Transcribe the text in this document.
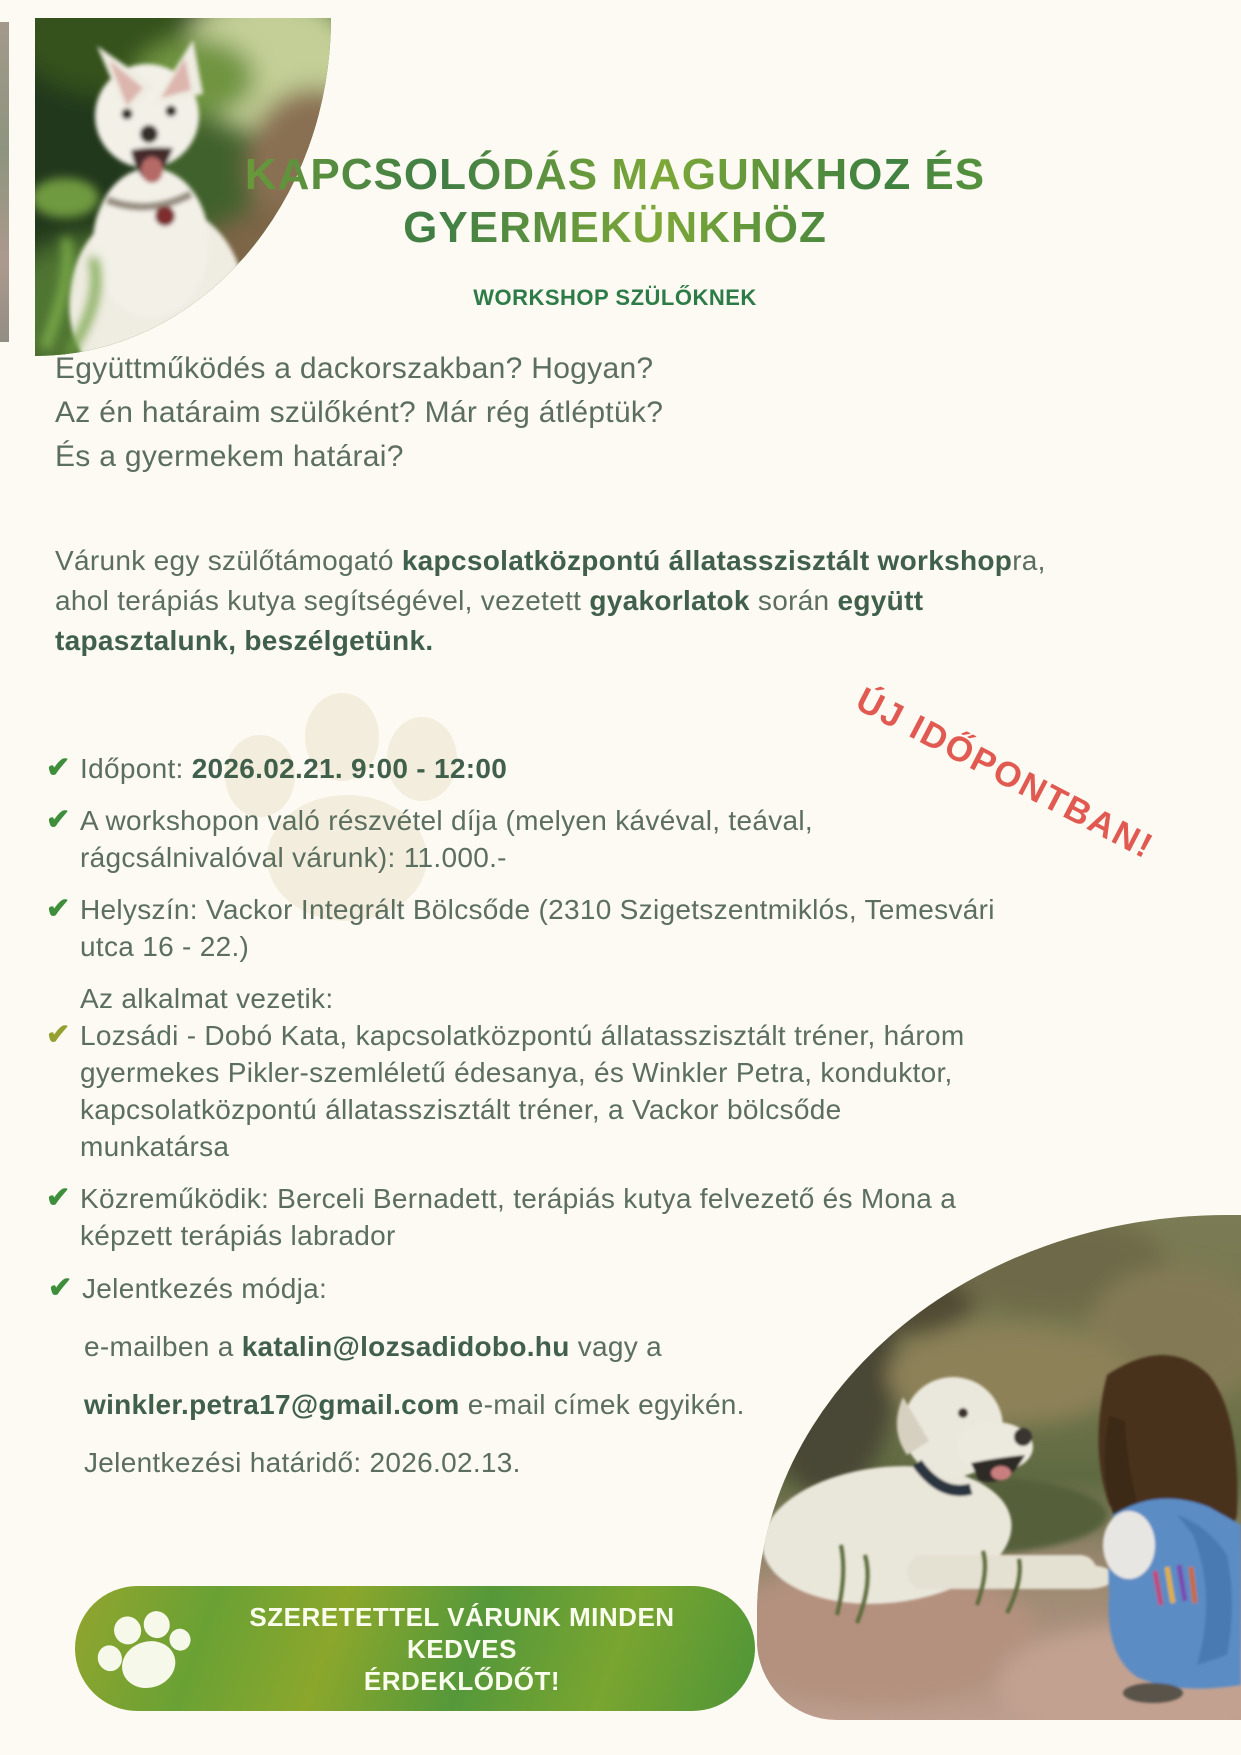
KAPCSOLÓDÁS MAGUNKHOZ ÉS
GYERMEKÜNKHÖZ
WORKSHOP SZÜLŐKNEK
Együttműködés a dackorszakban? Hogyan?
Az én határaim szülőként? Már rég átléptük?
És a gyermekem határai?
Várunk egy szülőtámogató kapcsolatközpontú állatasszisztált workshopra,
ahol terápiás kutya segítségével, vezetett gyakorlatok során együtt
tapasztalunk, beszélgetünk.
ÚJ IDŐPONTBAN!
✔ Időpont: 2026.02.21. 9:00 - 12:00
✔ A workshopon való részvétel díja (melyen kávéval, teával,
rágcsálnivalóval várunk): 11.000.-
✔ Helyszín: Vackor Integrált Bölcsőde (2310 Szigetszentmiklós, Temesvári
utca 16 - 22.)
Az alkalmat vezetik:
✔ Lozsádi - Dobó Kata, kapcsolatközpontú állatasszisztált tréner, három
gyermekes Pikler-szemléletű édesanya, és Winkler Petra, konduktor,
kapcsolatközpontú állatasszisztált tréner, a Vackor bölcsőde
munkatársa
✔ Közreműködik: Berceli Bernadett, terápiás kutya felvezető és Mona a
képzett terápiás labrador
✔ Jelentkezés módja:
e-mailben a katalin@lozsadidobo.hu vagy a
winkler.petra17@gmail.com e-mail címek egyikén.
Jelentkezési határidő: 2026.02.13.
SZERETETTEL VÁRUNK MINDEN KEDVES
ÉRDEKLŐDŐT!
